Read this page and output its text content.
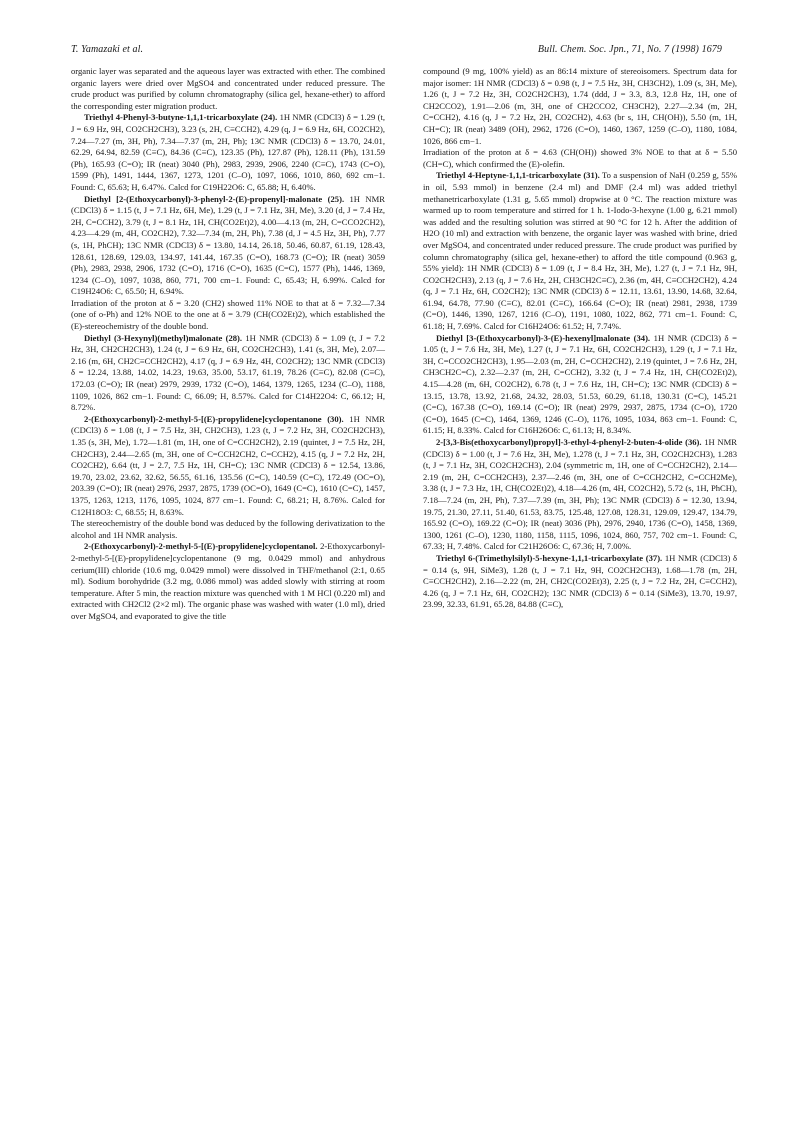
T. Yamazaki et al.	Bull. Chem. Soc. Jpn., 71, No. 7 (1998) 1679

organic layer was separated and the aqueous layer was extracted with ether. The combined organic layers were dried over MgSO4 and concentrated under reduced pressure. The crude product was purified by column chromatography (silica gel, hexane-ether) to afford the corresponding ester migration product.

Triethyl 4-Phenyl-3-butyne-1,1,1-tricarboxylate (24). 1H NMR (CDCl3) δ = 1.29 (t, J = 6.9 Hz, 9H, CO2CH2CH3), 3.23 (s, 2H, C≡CCH2), 4.29 (q, J = 6.9 Hz, 6H, CO2CH2), 7.24—7.27 (m, 3H, Ph), 7.34—7.37 (m, 2H, Ph); 13C NMR (CDCl3) δ = 13.70, 24.01, 62.29, 64.94, 82.59 (C≡C), 84.36 (C≡C), 123.35 (Ph), 127.87 (Ph), 128.11 (Ph), 131.59 (Ph), 165.93 (C=O); IR (neat) 3040 (Ph), 2983, 2939, 2906, 2240 (C≡C), 1743 (C=O), 1599 (Ph), 1491, 1444, 1367, 1273, 1201 (C–O), 1097, 1066, 1010, 860, 692 cm−1. Found: C, 65.63; H, 6.47%. Calcd for C19H22O6: C, 65.88; H, 6.40%.

Diethyl [2-(Ethoxycarbonyl)-3-phenyl-2-(E)-propenyl]-malonate (25). 1H NMR (CDCl3) δ = 1.15 (t, J = 7.1 Hz, 6H, Me), 1.29 (t, J = 7.1 Hz, 3H, Me), 3.20 (d, J = 7.4 Hz, 2H, C=CCH2), 3.79 (t, J = 8.1 Hz, 1H, CH(CO2Et)2), 4.00—4.13 (m, 2H, C=CCO2CH2), 4.23—4.29 (m, 4H, CO2CH2), 7.32—7.34 (m, 2H, Ph), 7.38 (d, J = 4.5 Hz, 3H, Ph), 7.77 (s, 1H, PhCH); 13C NMR (CDCl3) δ = 13.80, 14.14, 26.18, 50.46, 60.87, 61.19, 128.43, 128.61, 128.69, 129.03, 134.97, 141.44, 167.35 (C=O), 168.73 (C=O); IR (neat) 3059 (Ph), 2983, 2938, 2906, 1732 (C=O), 1716 (C=O), 1635 (C=C), 1577 (Ph), 1446, 1369, 1234 (C–O), 1097, 1038, 860, 771, 700 cm−1. Found: C, 65.43; H, 6.99%. Calcd for C19H24O6: C, 65.50; H, 6.94%.

Irradiation of the proton at δ = 3.20 (CH2) showed 11% NOE to that at δ = 7.32—7.34 (one of o-Ph) and 12% NOE to the one at δ = 3.79 (CH(CO2Et)2), which established the (E)-stereochemistry of the double bond.

Diethyl (3-Hexynyl)(methyl)malonate (28). 1H NMR (CDCl3) δ = 1.09 (t, J = 7.2 Hz, 3H, CH2CH2CH3), 1.24 (t, J = 6.9 Hz, 6H, CO2CH2CH3), 1.41 (s, 3H, Me), 2.07—2.16 (m, 6H, CH2C≡CCH2CH2), 4.17 (q, J = 6.9 Hz, 4H, CO2CH2); 13C NMR (CDCl3) δ = 12.24, 13.88, 14.02, 14.23, 19.63, 35.00, 53.17, 61.19, 78.26 (C≡C), 82.08 (C≡C), 172.03 (C=O); IR (neat) 2979, 2939, 1732 (C=O), 1464, 1379, 1265, 1234 (C–O), 1188, 1109, 1026, 862 cm−1. Found: C, 66.09; H, 8.57%. Calcd for C14H22O4: C, 66.12; H, 8.72%.

2-(Ethoxycarbonyl)-2-methyl-5-[(E)-propylidene]cyclopentanone (30). 1H NMR (CDCl3) δ = 1.08 (t, J = 7.5 Hz, 3H, CH2CH3), 1.23 (t, J = 7.2 Hz, 3H, CO2CH2CH3), 1.35 (s, 3H, Me), 1.72—1.81 (m, 1H, one of C=CCH2CH2), 2.19 (quintet, J = 7.5 Hz, 2H, CH2CH3), 2.44—2.65 (m, 3H, one of C=CCH2CH2, C=CCH2), 4.15 (q, J = 7.2 Hz, 2H, CO2CH2), 6.64 (tt, J = 2.7, 7.5 Hz, 1H, CH=C); 13C NMR (CDCl3) δ = 12.54, 13.86, 19.70, 23.02, 23.62, 32.62, 56.55, 61.16, 135.56 (C=C), 140.59 (C=C), 172.49 (OC=O), 203.39 (C=O); IR (neat) 2976, 2937, 2875, 1739 (OC=O), 1649 (C=C), 1610 (C=C), 1457, 1375, 1263, 1213, 1176, 1095, 1024, 877 cm−1. Found: C, 68.21; H, 8.76%. Calcd for C12H18O3: C, 68.55; H, 8.63%.

The stereochemistry of the double bond was deduced by the following derivatization to the alcohol and 1H NMR analysis.

2-(Ethoxycarbonyl)-2-methyl-5-[(E)-propylidene]cyclopentanol. 2-Ethoxycarbonyl-2-methyl-5-[(E)-propylidene]cyclopentanone (9 mg, 0.0429 mmol) and anhydrous cerium(III) chloride (10.6 mg, 0.0429 mmol) were dissolved in THF/methanol (2:1, 0.65 ml). Sodium borohydride (3.2 mg, 0.086 mmol) was added slowly with stirring at room temperature. After 5 min, the reaction mixture was quenched with 1 M HCl (0.220 ml) and extracted with CH2Cl2 (2×2 ml). The organic phase was washed with water (1.0 ml), dried over MgSO4, and evaporated to give the title

compound (9 mg, 100% yield) as an 86:14 mixture of stereoisomers. Spectrum data for major isomer: 1H NMR (CDCl3) δ = 0.98 (t, J = 7.5 Hz, 3H, CH3CH2), 1.09 (s, 3H, Me), 1.26 (t, J = 7.2 Hz, 3H, CO2CH2CH3), 1.74 (ddd, J = 3.3, 8.3, 12.8 Hz, 1H, one of CH2CCO2), 1.91—2.06 (m, 3H, one of CH2CCO2, CH3CH2), 2.27—2.34 (m, 2H, C=CCH2), 4.16 (q, J = 7.2 Hz, 2H, CO2CH2), 4.63 (br s, 1H, CH(OH)), 5.50 (m, 1H, CH=C); IR (neat) 3489 (OH), 2962, 1726 (C=O), 1460, 1367, 1259 (C–O), 1180, 1084, 1026, 866 cm−1.

Irradiation of the proton at δ = 4.63 (CH(OH)) showed 3% NOE to that at δ = 5.50 (CH=C), which confirmed the (E)-olefin.

Triethyl 4-Heptyne-1,1,1-tricarboxylate (31). To a suspension of NaH (0.259 g, 55% in oil, 5.93 mmol) in benzene (2.4 ml) and DMF (2.4 ml) was added triethyl methanetricarboxylate (1.31 g, 5.65 mmol) dropwise at 0 °C. The reaction mixture was warmed up to room temperature and stirred for 1 h. 1-Iodo-3-hexyne (1.00 g, 6.21 mmol) was added and the resulting solution was stirred at 90 °C for 12 h. After the addition of H2O (10 ml) and extraction with benzene, the organic layer was washed with brine, dried over MgSO4, and concentrated under reduced pressure. The crude product was purified by column chromatography (silica gel, hexane-ether) to afford the title compound (0.963 g, 55% yield): 1H NMR (CDCl3) δ = 1.09 (t, J = 8.4 Hz, 3H, Me), 1.27 (t, J = 7.1 Hz, 9H, CO2CH2CH3), 2.13 (q, J = 7.6 Hz, 2H, CH3CH2C≡C), 2.36 (m, 4H, C≡CCH2CH2), 4.24 (q, J = 7.1 Hz, 6H, CO2CH2); 13C NMR (CDCl3) δ = 12.11, 13.61, 13.90, 14.68, 32.64, 61.94, 64.78, 77.90 (C≡C), 82.01 (C≡C), 166.64 (C=O); IR (neat) 2981, 2938, 1739 (C=O), 1446, 1390, 1267, 1216 (C–O), 1191, 1080, 1022, 862, 771 cm−1. Found: C, 61.18; H, 7.69%. Calcd for C16H24O6: 61.52; H, 7.74%.

Diethyl [3-(Ethoxycarbonyl)-3-(E)-hexenyl]malonate (34). 1H NMR (CDCl3) δ = 1.05 (t, J = 7.6 Hz, 3H, Me), 1.27 (t, J = 7.1 Hz, 6H, CO2CH2CH3), 1.29 (t, J = 7.1 Hz, 3H, C=CCO2CH2CH3), 1.95—2.03 (m, 2H, C=CCH2CH2), 2.19 (quintet, J = 7.6 Hz, 2H, CH3CH2C=C), 2.32—2.37 (m, 2H, C=CCH2), 3.32 (t, J = 7.4 Hz, 1H, CH(CO2Et)2), 4.15—4.28 (m, 6H, CO2CH2), 6.78 (t, J = 7.6 Hz, 1H, CH=C); 13C NMR (CDCl3) δ = 13.15, 13.78, 13.92, 21.68, 24.32, 28.03, 51.53, 60.29, 61.18, 130.31 (C=C), 145.21 (C=C), 167.38 (C=O), 169.14 (C=O); IR (neat) 2979, 2937, 2875, 1734 (C=O), 1720 (C=O), 1645 (C=C), 1464, 1369, 1246 (C–O), 1176, 1095, 1034, 863 cm−1. Found: C, 61.15; H, 8.33%. Calcd for C16H26O6: C, 61.13; H, 8.34%.

2-[3,3-Bis(ethoxycarbonyl)propyl]-3-ethyl-4-phenyl-2-buten-4-olide (36). 1H NMR (CDCl3) δ = 1.00 (t, J = 7.6 Hz, 3H, Me), 1.278 (t, J = 7.1 Hz, 3H, CO2CH2CH3), 1.283 (t, J = 7.1 Hz, 3H, CO2CH2CH3), 2.04 (symmetric m, 1H, one of C=CCH2CH2), 2.14—2.19 (m, 2H, C=CCH2CH3), 2.37—2.46 (m, 3H, one of C=CCH2CH2, C=CCH2Me), 3.38 (t, J = 7.3 Hz, 1H, CH(CO2Et)2), 4.18—4.26 (m, 4H, CO2CH2), 5.72 (s, 1H, PhCH), 7.18—7.24 (m, 2H, Ph), 7.37—7.39 (m, 3H, Ph); 13C NMR (CDCl3) δ = 12.30, 13.94, 19.75, 21.30, 27.11, 51.40, 61.53, 83.75, 125.48, 127.08, 128.31, 129.09, 129.47, 134.79, 165.92 (C=O), 169.22 (C=O); IR (neat) 3036 (Ph), 2976, 2940, 1736 (C=O), 1458, 1369, 1300, 1261 (C–O), 1230, 1180, 1158, 1115, 1096, 1024, 860, 757, 702 cm−1. Found: C, 67.33; H, 7.48%. Calcd for C21H26O6: C, 67.36; H, 7.00%.

Triethyl 6-(Trimethylsilyl)-5-hexyne-1,1,1-tricarboxylate (37). 1H NMR (CDCl3) δ = 0.14 (s, 9H, SiMe3), 1.28 (t, J = 7.1 Hz, 9H, CO2CH2CH3), 1.68—1.78 (m, 2H, C≡CCH2CH2), 2.16—2.22 (m, 2H, CH2C(CO2Et)3), 2.25 (t, J = 7.2 Hz, 2H, C≡CCH2), 4.26 (q, J = 7.1 Hz, 6H, CO2CH2); 13C NMR (CDCl3) δ = 0.14 (SiMe3), 13.70, 19.97, 23.99, 32.33, 61.91, 65.28, 84.88 (C≡C),
